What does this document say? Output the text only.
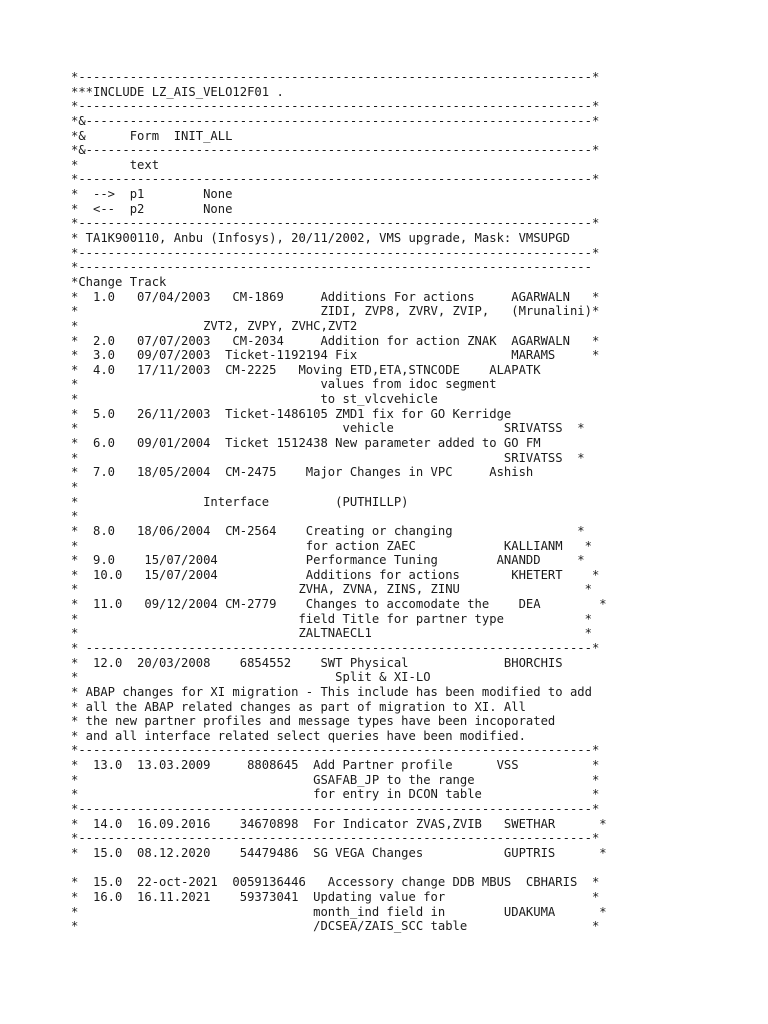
*----------------------------------------------------------------------*
***INCLUDE LZ_AIS_VELO12F01 .
*----------------------------------------------------------------------*
*&---------------------------------------------------------------------*
*&      Form  INIT_ALL
*&---------------------------------------------------------------------*
*       text
*----------------------------------------------------------------------*
*  -->  p1        None
*  <--  p2        None
*----------------------------------------------------------------------*
* TA1K900110, Anbu (Infosys), 20/11/2002, VMS upgrade, Mask: VMSUPGD
*----------------------------------------------------------------------*
*----------------------------------------------------------------------
*Change Track
*  1.0   07/04/2003   CM-1869     Additions For actions     AGARWALN   *
*                                 ZIDI, ZVP8, ZVRV, ZVIP,   (Mrunalini)*
*                 ZVT2, ZVPY, ZVHC,ZVT2
*  2.0   07/07/2003   CM-2034     Addition for action ZNAK  AGARWALN   *
*  3.0   09/07/2003  Ticket-1192194 Fix                     MARAMS     *
*  4.0   17/11/2003  CM-2225   Moving ETD,ETA,STNCODE    ALAPATK
*                                 values from idoc segment
*                                 to st_vlcvehicle
*  5.0   26/11/2003  Ticket-1486105 ZMD1 fix for GO Kerridge
*                                    vehicle               SRIVATSS  *
*  6.0   09/01/2004  Ticket 1512438 New parameter added to GO FM
*                                                          SRIVATSS  *
*  7.0   18/05/2004  CM-2475    Major Changes in VPC     Ashish
*
*                 Interface         (PUTHILLP)
*
*  8.0   18/06/2004  CM-2564    Creating or changing                 *
*                               for action ZAEC            KALLIANM   *
*  9.0    15/07/2004            Performance Tuning        ANANDD     *
*  10.0   15/07/2004            Additions for actions       KHETERT    *
*                              ZVHA, ZVNA, ZINS, ZINU                 *
*  11.0   09/12/2004 CM-2779    Changes to accomodate the    DEA        *
*                              field Title for partner type           *
*                              ZALTNAECL1                             *
* ---------------------------------------------------------------------*
*  12.0  20/03/2008    6854552    SWT Physical             BHORCHIS
*                                   Split & XI-LO
* ABAP changes for XI migration - This include has been modified to add
* all the ABAP related changes as part of migration to XI. All
* the new partner profiles and message types have been incoporated
* and all interface related select queries have been modified.
*----------------------------------------------------------------------*
*  13.0  13.03.2009     8808645  Add Partner profile      VSS          *
*                                GSAFAB_JP to the range                *
*                                for entry in DCON table               *
*----------------------------------------------------------------------*
*  14.0  16.09.2016    34670898  For Indicator ZVAS,ZVIB   SWETHAR      *
*----------------------------------------------------------------------*
*  15.0  08.12.2020    54479486  SG VEGA Changes           GUPTRIS      *
*  15.0  22-oct-2021  0059136446   Accessory change DDB MBUS  CBHARIS  *
*  16.0  16.11.2021    59373041  Updating value for                    *
*                                month_ind field in        UDAKUMA      *
*                                /DCSEA/ZAIS_SCC table                 *
